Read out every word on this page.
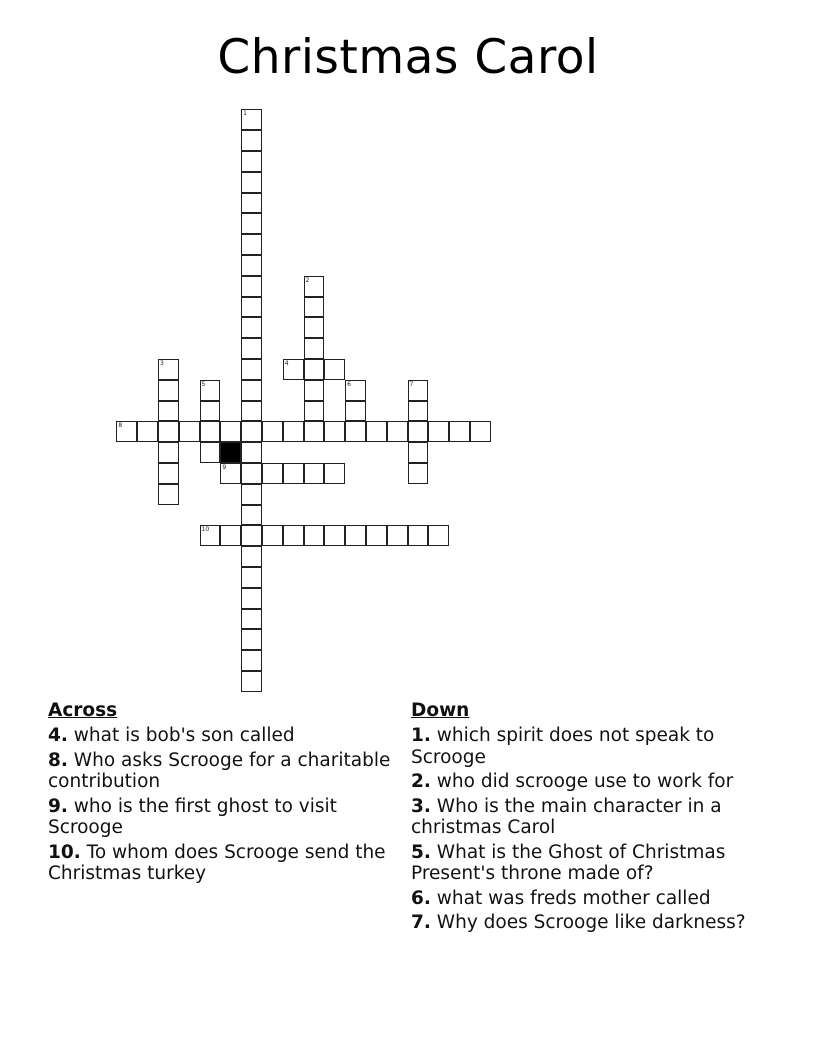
Christmas Carol
1
2
3	4
5	6	7
8
9
10
Across
4. what is bob's son called
8. Who asks Scrooge for a charitable contribution
9. who is the first ghost to visit Scrooge
10. To whom does Scrooge send the Christmas turkey
Down
1. which spirit does not speak to Scrooge
2. who did scrooge use to work for
3. Who is the main character in a christmas Carol
5. What is the Ghost of Christmas Present's throne made of?
6. what was freds mother called
7. Why does Scrooge like darkness?
